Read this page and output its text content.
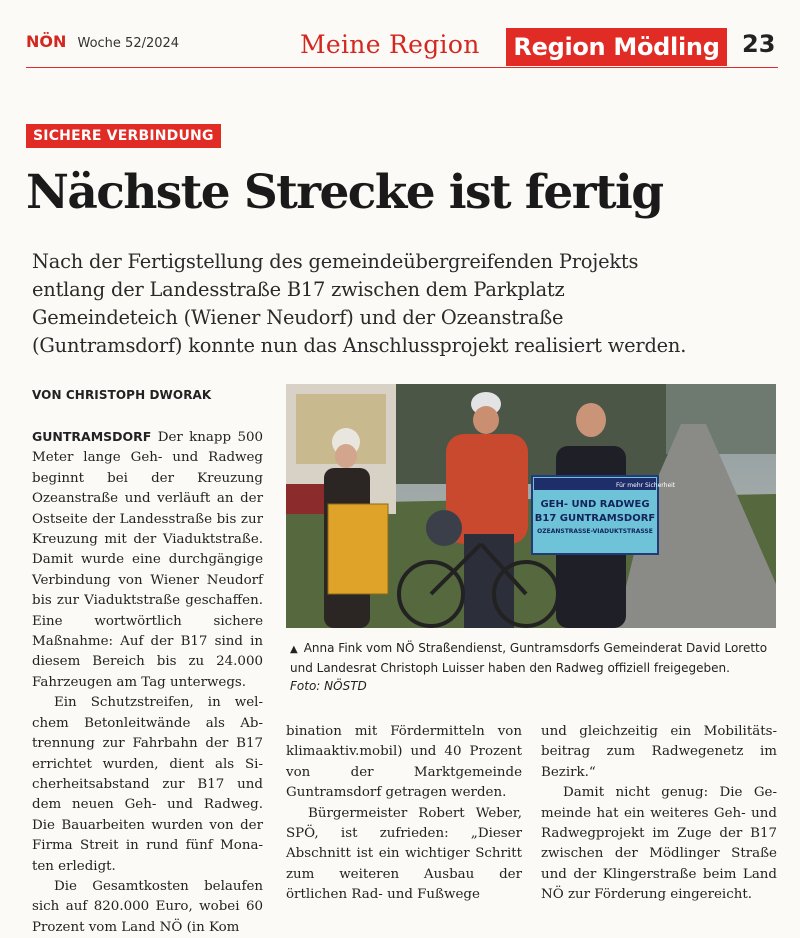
NÖN Woche 52/2024	Meine Region	Region Mödling 23
SICHERE VERBINDUNG
Nächste Strecke ist fertig
Nach der Fertigstellung des gemeindeübergreifenden Projekts
entlang der Landesstraße B17 zwischen dem Parkplatz
Gemeindeteich (Wiener Neudorf) und der Ozeanstraße
(Guntramsdorf) konnte nun das Anschlussprojekt realisiert werden.
VON CHRISTOPH DWORAK

GUNTRAMSDORF Der knapp 500 Meter lange Geh- und Radweg beginnt bei der Kreuzung Ozeanstraße und verläuft an der Ostseite der Landesstraße bis zur Kreuzung mit der Viaduktstraße. Damit wurde eine durchgängige Verbindung von Wiener Neudorf bis zur Viaduktstraße geschaffen. Eine wortwörtlich sichere Maßnahme: Auf der B17 sind in diesem Bereich bis zu 24.000 Fahrzeugen am Tag unterwegs.

Ein Schutzstreifen, in welchem Betonleitwände als Abtrennung zur Fahrbahn der B17 errichtet wurden, dient als Sicherheitsabstand zur B17 und dem neuen Geh- und Radweg. Die Bauarbeiten wurden von der Firma Streit in rund fünf Monaten erledigt.

Die Gesamtkosten belaufen sich auf 820.000 Euro, wobei 60 Prozent vom Land NÖ (in Kom

Für mehr Sicherheit
GEH- UND RADWEG
B17 GUNTRAMSDORF
OZEANSTRASSE-VIADUKTSTRASSE
▲ Anna Fink vom NÖ Straßendienst, Guntramsdorfs Gemeinderat David Loretto und Landesrat Christoph Luisser haben den Radweg offiziell freigegeben.
Foto: NÖSTD

bination mit Fördermitteln von klimaaktiv.mobil) und 40 Prozent von der Marktgemeinde Guntramsdorf getragen werden.

Bürgermeister Robert Weber, SPÖ, ist zufrieden: „Dieser Abschnitt ist ein wichtiger Schritt zum weiteren Ausbau der örtlichen Rad- und Fußwege

und gleichzeitig ein Mobilitätsbeitrag zum Radwegenetz im Bezirk.“

Damit nicht genug: Die Gemeinde hat ein weiteres Geh- und Radwegprojekt im Zuge der B17 zwischen der Mödlinger Straße und der Klingerstraße beim Land NÖ zur Förderung eingereicht.
